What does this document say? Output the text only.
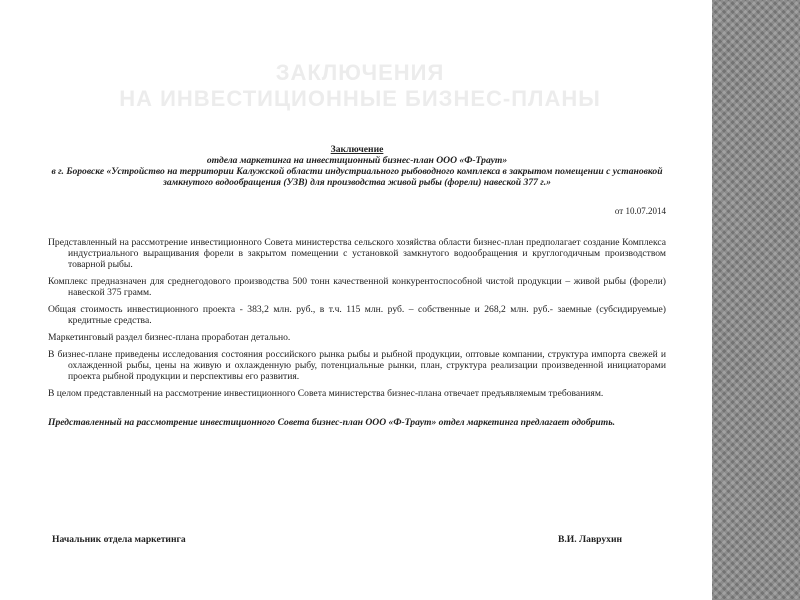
ЗАКЛЮЧЕНИЯ
НА ИНВЕСТИЦИОННЫЕ БИЗНЕС-ПЛАНЫ
Заключение
отдела маркетинга на инвестиционный бизнес-план ООО «Ф-Траут»
в г. Боровске «Устройство на территории Калужской области индустриального рыбоводного комплекса в закрытом помещении с установкой замкнутого водообращения (УЗВ) для производства живой рыбы (форели) навеской 377 г.»
от 10.07.2014
Представленный на рассмотрение инвестиционного Совета министерства сельского хозяйства области бизнес-план предполагает создание Комплекса индустриального выращивания форели в закрытом помещении с установкой замкнутого водообращения и круглогодичным производством товарной рыбы.
Комплекс предназначен для среднегодового производства 500 тонн качественной конкурентоспособной чистой продукции – живой рыбы (форели) навеской 375 грамм.
Общая стоимость инвестиционного проекта - 383,2 млн. руб., в т.ч. 115 млн. руб. – собственные и 268,2 млн. руб.- заемные (субсидируемые) кредитные средства.
Маркетинговый раздел бизнес-плана проработан детально.
В бизнес-плане приведены исследования состояния российского рынка рыбы и рыбной продукции, оптовые компании, структура импорта свежей и охлажденной рыбы, цены на живую и охлажденную рыбу, потенциальные рынки, план, структура реализации произведенной инициаторами проекта рыбной продукции и перспективы его развития.
В целом представленный на рассмотрение инвестиционного Совета министерства бизнес-плана отвечает предъявляемым требованиям.
Представленный на рассмотрение инвестиционного Совета бизнес-план ООО «Ф-Траут» отдел маркетинга предлагает одобрить.
Начальник отдела маркетинга	В.И. Лаврухин
